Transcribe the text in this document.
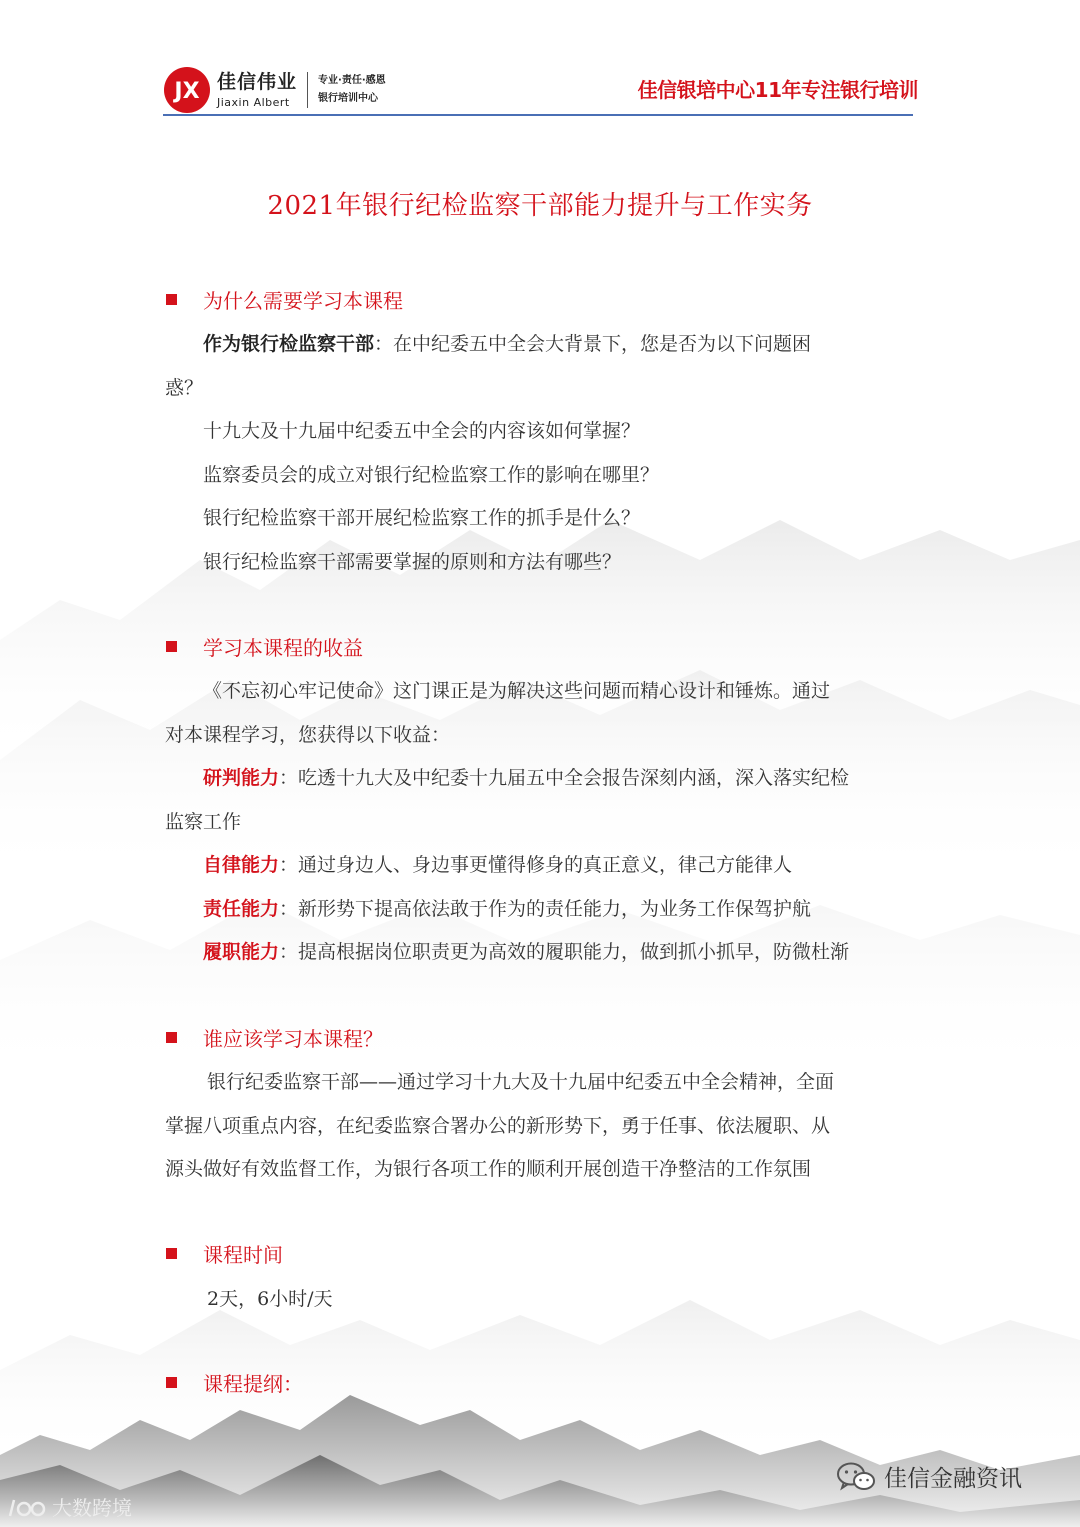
JX 佳信伟业
Jiaxin Albert
专业·责任·感恩
银行培训中心	佳信银培中心11年专注银行培训
2021年银行纪检监察干部能力提升与工作实务
为什么需要学习本课程
作为银行检监察干部：在中纪委五中全会大背景下，您是否为以下问题困
惑？
十九大及十九届中纪委五中全会的内容该如何掌握？
监察委员会的成立对银行纪检监察工作的影响在哪里？
银行纪检监察干部开展纪检监察工作的抓手是什么？
银行纪检监察干部需要掌握的原则和方法有哪些？
学习本课程的收益
《不忘初心牢记使命》这门课正是为解决这些问题而精心设计和锤炼。通过
对本课程学习，您获得以下收益：
研判能力：吃透十九大及中纪委十九届五中全会报告深刻内涵，深入落实纪检
监察工作
自律能力：通过身边人、身边事更懂得修身的真正意义，律己方能律人
责任能力：新形势下提高依法敢于作为的责任能力，为业务工作保驾护航
履职能力：提高根据岗位职责更为高效的履职能力，做到抓小抓早，防微杜渐
谁应该学习本课程？
银行纪委监察干部——通过学习十九大及十九届中纪委五中全会精神，全面
掌握八项重点内容，在纪委监察合署办公的新形势下，勇于任事、依法履职、从
源头做好有效监督工作，为银行各项工作的顺利开展创造干净整洁的工作氛围
课程时间
2天，6小时/天
课程提纲：
佳信金融资讯
大数跨境
